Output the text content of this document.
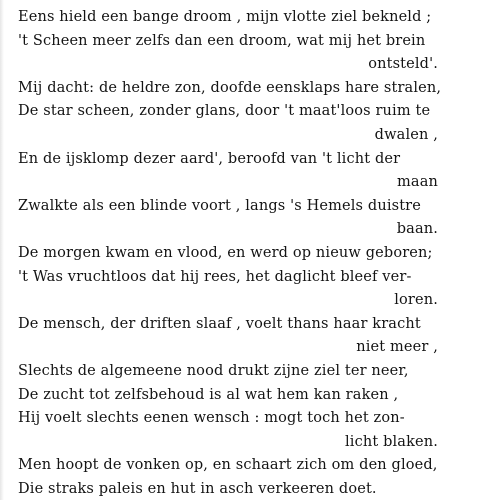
Eens hield een bange droom , mijn vlotte ziel bekneld ;
't Scheen meer zelfs dan een droom, wat mij het brein
ontsteld'.
Mij dacht: de heldre zon, doofde eensklaps hare stralen,
De star scheen, zonder glans, door 't maat'loos ruim te
dwalen ,
En de ijsklomp dezer aard', beroofd van 't licht der
maan
Zwalkte als een blinde voort , langs 's Hemels duistre
baan.
De morgen kwam en vlood, en werd op nieuw geboren;
't Was vruchtloos dat hij rees, het daglicht bleef ver-
loren.
De mensch, der driften slaaf , voelt thans haar kracht
niet meer ,
Slechts de algemeene nood drukt zijne ziel ter neer,
De zucht tot zelfsbehoud is al wat hem kan raken ,
Hij voelt slechts eenen wensch : mogt toch het zon-
licht blaken.
Men hoopt de vonken op, en schaart zich om den gloed,
Die straks paleis en hut in asch verkeeren doet.
